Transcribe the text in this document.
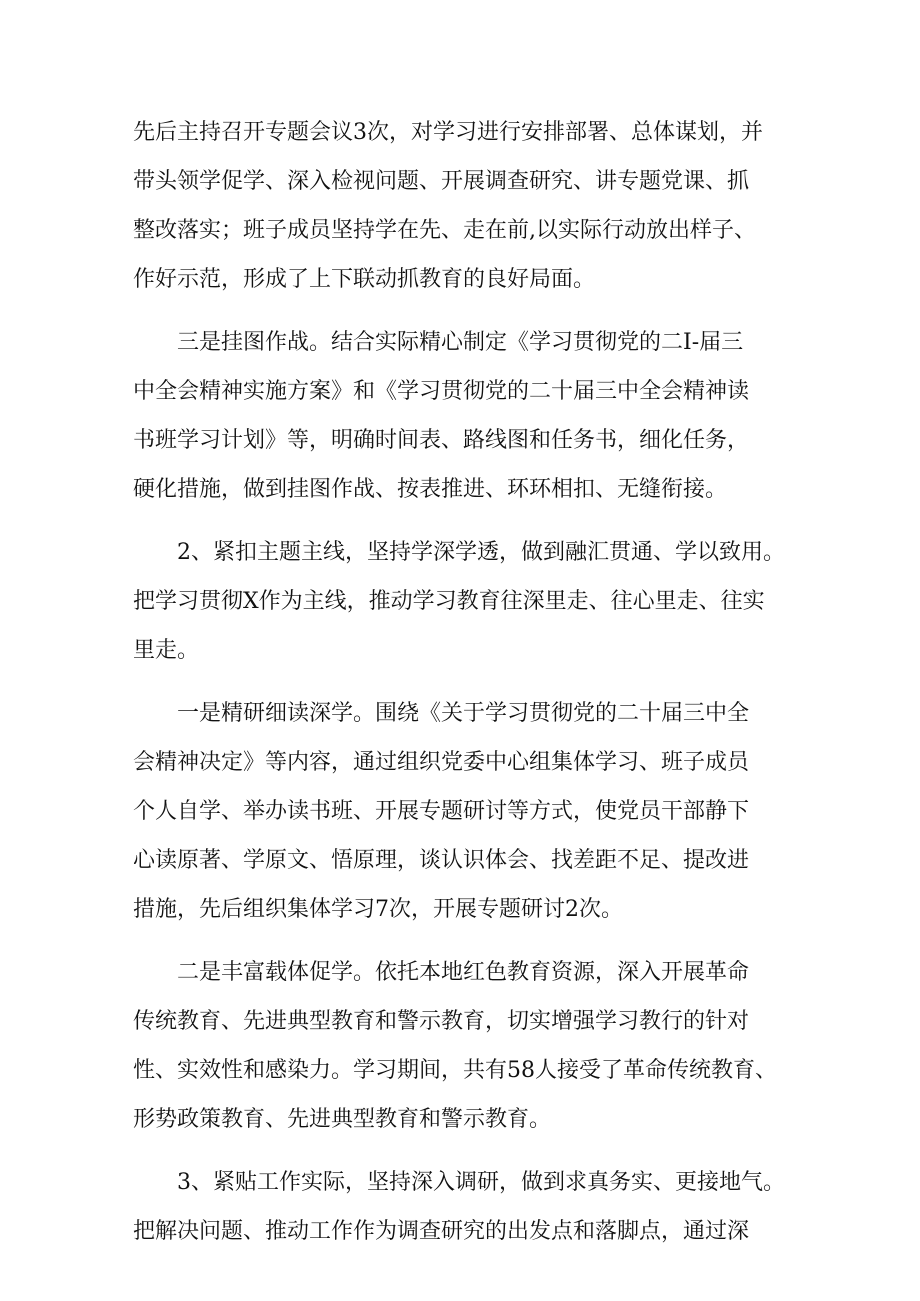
先后主持召开专题会议3次，对学习进行安排部署、总体谋划，并
带头领学促学、深入检视问题、开展调查研究、讲专题党课、抓
整改落实；班子成员坚持学在先、走在前,以实际行动放出样子、
作好示范，形成了上下联动抓教育的良好局面。

三是挂图作战。结合实际精心制定《学习贯彻党的二I-届三
中全会精神实施方案》和《学习贯彻党的二十届三中全会精神读
书班学习计划》等，明确时间表、路线图和任务书，细化任务，
硬化措施，做到挂图作战、按表推进、环环相扣、无缝衔接。

2、紧扣主题主线，坚持学深学透，做到融汇贯通、学以致用。
把学习贯彻X作为主线，推动学习教育往深里走、往心里走、往实
里走。

一是精研细读深学。围绕《关于学习贯彻党的二十届三中全
会精神决定》等内容，通过组织党委中心组集体学习、班子成员
个人自学、举办读书班、开展专题研讨等方式，使党员干部静下
心读原著、学原文、悟原理，谈认识体会、找差距不足、提改进
措施，先后组织集体学习7次，开展专题研讨2次。

二是丰富载体促学。依托本地红色教育资源，深入开展革命
传统教育、先进典型教育和警示教育，切实增强学习教行的针对
性、实效性和感染力。学习期间，共有58人接受了革命传统教育、
形势政策教育、先进典型教育和警示教育。

3、紧贴工作实际，坚持深入调研，做到求真务实、更接地气。
把解决问题、推动工作作为调查研究的出发点和落脚点，通过深
